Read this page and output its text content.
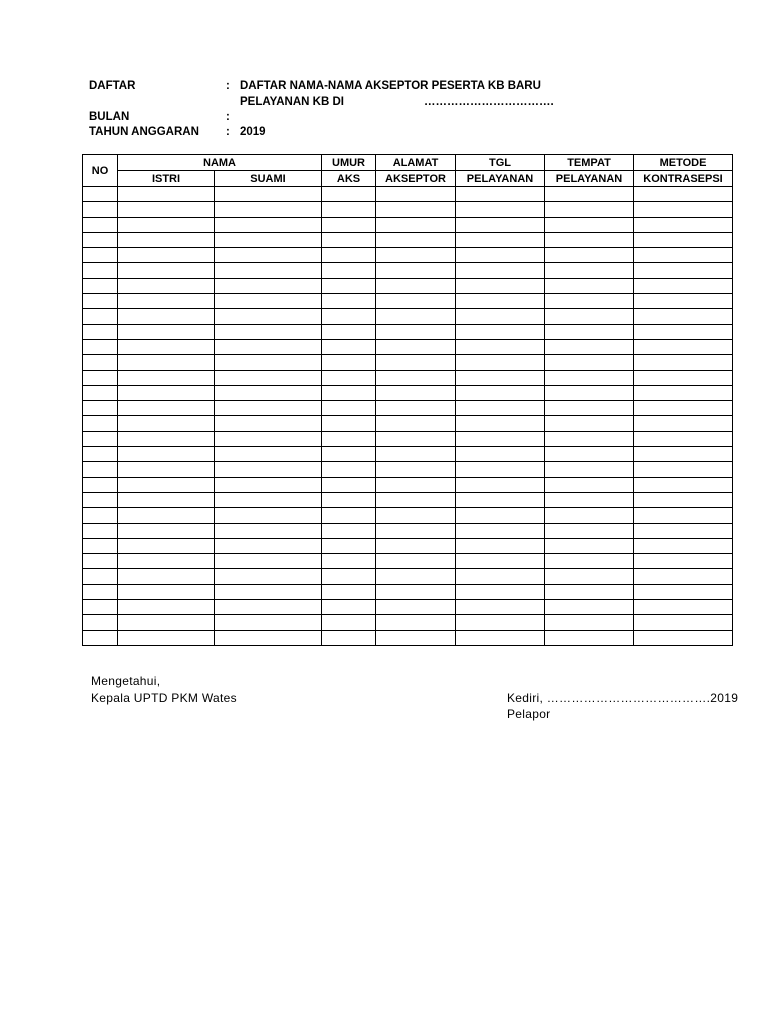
DAFTAR	: DAFTAR NAMA-NAMA AKSEPTOR PESERTA KB BARU
PELAYANAN KB DI	…………………………….
BULAN	:
TAHUN ANGGARAN : 2019
NO	NAMA		UMUR	ALAMAT	TGL	TEMPAT	METODE
	ISTRI	SUAMI	AKS	AKSEPTOR	PELAYANAN	PELAYANAN	KONTRASEPSI

Mengetahui,
Kepala UPTD PKM Wates	Kediri, ………………………………….2019
Pelapor
